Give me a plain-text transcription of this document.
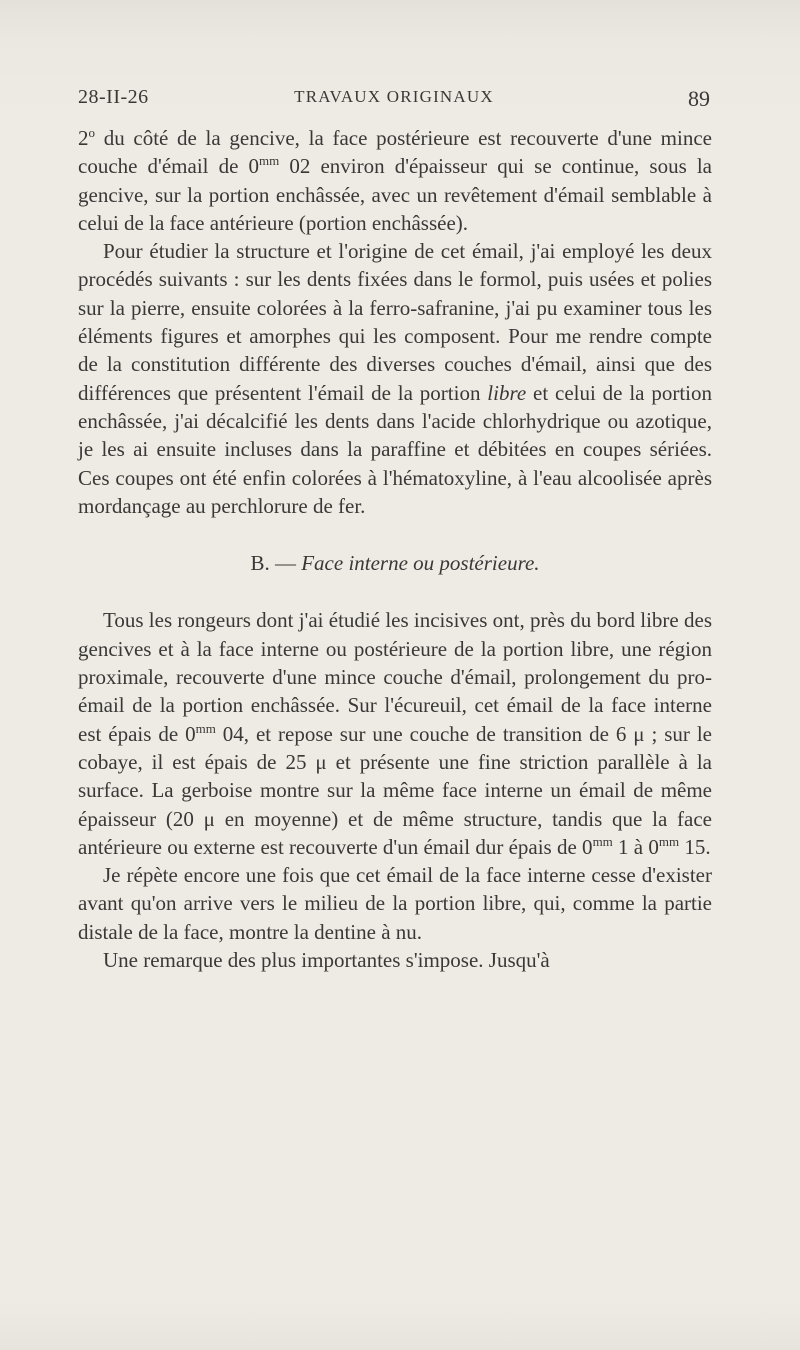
28-II-26	TRAVAUX ORIGINAUX	89

2$^o$ du côté de la gencive, la face postérieure est recouverte d'une mince couche d'émail de $0^{mm}$ 02 environ d'épaisseur qui se continue, sous la gencive, sur la portion enchâssée, avec un revêtement d'émail semblable à celui de la face antérieure (portion enchâssée).

Pour étudier la structure et l'origine de cet émail, j'ai employé les deux procédés suivants : sur les dents fixées dans le formol, puis usées et polies sur la pierre, ensuite colorées à la ferro-safranine, j'ai pu examiner tous les éléments figures et amorphes qui les composent. Pour me rendre compte de la constitution différente des diverses couches d'émail, ainsi que des différences que présentent l'émail de la portion libre et celui de la portion enchâssée, j'ai décalcifié les dents dans l'acide chlorhydrique ou azotique, je les ai ensuite incluses dans la paraffine et débitées en coupes sériées. Ces coupes ont été enfin colorées à l'hématoxyline, à l'eau alcoolisée après mordançage au perchlorure de fer.

B. — Face interne ou postérieure.

Tous les rongeurs dont j'ai étudié les incisives ont, près du bord libre des gencives et à la face interne ou postérieure de la portion libre, une région proximale, recouverte d'une mince couche d'émail, prolongement du pro-émail de la portion enchâssée. Sur l'écureuil, cet émail de la face interne est épais de $0^{mm}$ 04, et repose sur une couche de transition de 6 μ ; sur le cobaye, il est épais de 25 μ et présente une fine striction parallèle à la surface. La gerboise montre sur la même face interne un émail de même épaisseur (20 μ en moyenne) et de même structure, tandis que la face antérieure ou externe est recouverte d'un émail dur épais de $0^{mm}$ 1 à $0^{mm}$ 15.

Je répète encore une fois que cet émail de la face interne cesse d'exister avant qu'on arrive vers le milieu de la portion libre, qui, comme la partie distale de la face, montre la dentine à nu.

Une remarque des plus importantes s'impose. Jusqu'à
